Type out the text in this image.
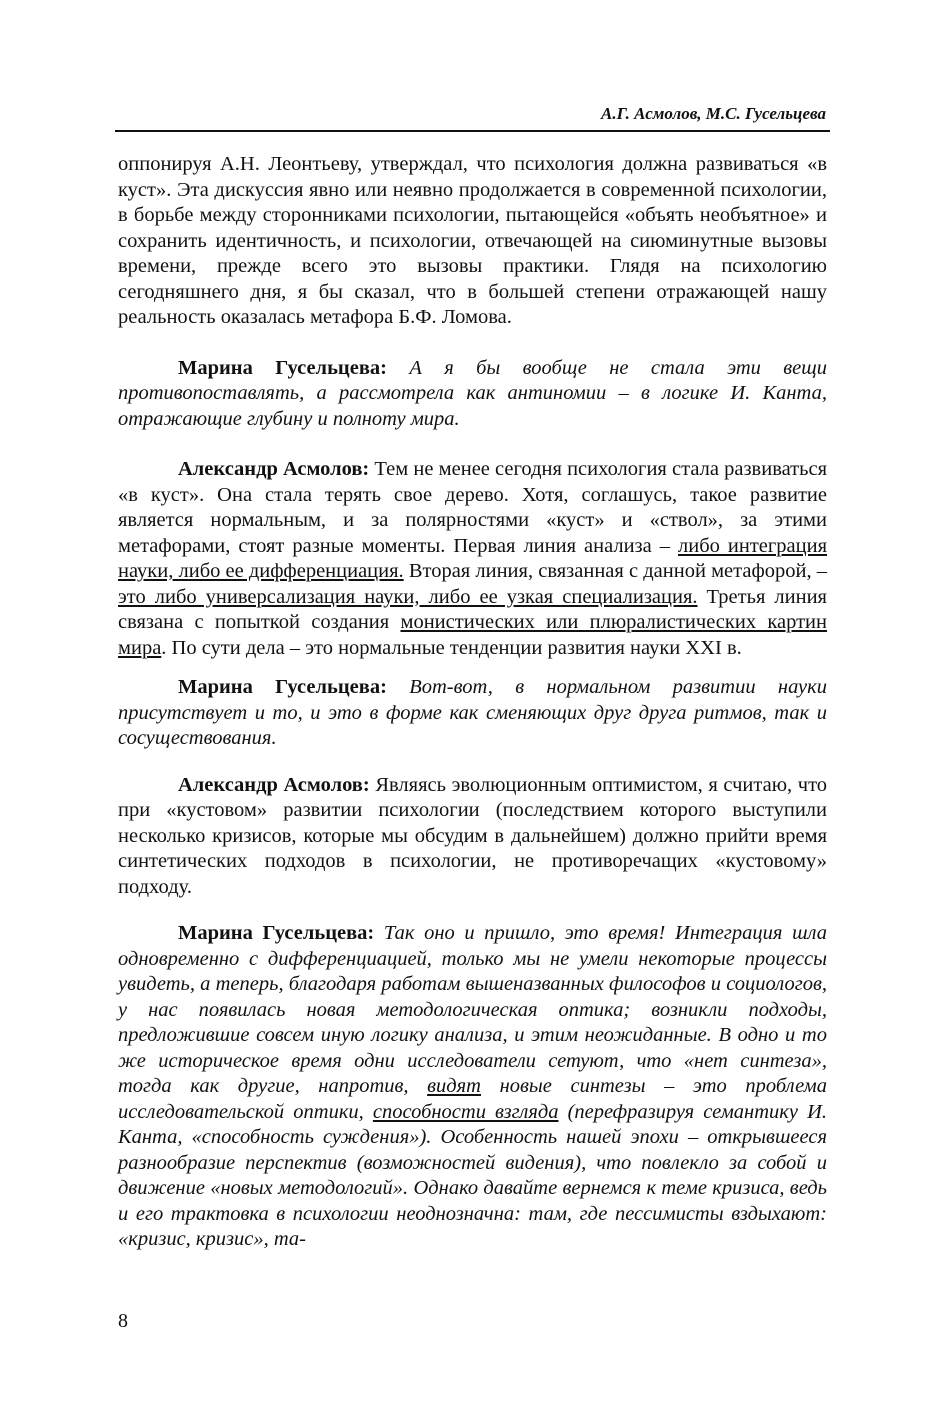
А.Г. Асмолов, М.С. Гусельцева

оппонируя А.Н. Леонтьеву, утверждал, что психология должна развиваться «в куст». Эта дискуссия явно или неявно продолжается в современной психологии, в борьбе между сторонниками психологии, пытающейся «объять необъятное» и сохранить идентичность, и психологии, отвечающей на сиюминутные вызовы времени, прежде всего это вызовы практики. Глядя на психологию сегодняшнего дня, я бы сказал, что в большей степени отражающей нашу реальность оказалась метафора Б.Ф. Ломова.

Марина Гусельцева: А я бы вообще не стала эти вещи противопоставлять, а рассмотрела как антиномии – в логике И. Канта, отражающие глубину и полноту мира.

Александр Асмолов: Тем не менее сегодня психология стала развиваться «в куст». Она стала терять свое дерево. Хотя, соглашусь, такое развитие является нормальным, и за полярностями «куст» и «ствол», за этими метафорами, стоят разные моменты. Первая линия анализа – либо интеграция науки, либо ее дифференциация. Вторая линия, связанная с данной метафорой, – это либо универсализация науки, либо ее узкая специализация. Третья линия связана с попыткой создания монистических или плюралистических картин мира. По сути дела – это нормальные тенденции развития науки XXI в.

Марина Гусельцева: Вот-вот, в нормальном развитии науки присутствует и то, и это в форме как сменяющих друг друга ритмов, так и сосуществования.

Александр Асмолов: Являясь эволюционным оптимистом, я считаю, что при «кустовом» развитии психологии (последствием которого выступили несколько кризисов, которые мы обсудим в дальнейшем) должно прийти время синтетических подходов в психологии, не противоречащих «кустовому» подходу.

Марина Гусельцева: Так оно и пришло, это время! Интеграция шла одновременно с дифференциацией, только мы не умели некоторые процессы увидеть, а теперь, благодаря работам вышеназванных философов и социологов, у нас появилась новая методологическая оптика; возникли подходы, предложившие совсем иную логику анализа, и этим неожиданные. В одно и то же историческое время одни исследователи сетуют, что «нет синтеза», тогда как другие, напротив, видят новые синтезы – это проблема исследовательской оптики, способности взгляда (перефразируя семантику И. Канта, «способность суждения»). Особенность нашей эпохи – открывшееся разнообразие перспектив (возможностей видения), что повлекло за собой и движение «новых методологий». Однако давайте вернемся к теме кризиса, ведь и его трактовка в психологии неоднозначна: там, где пессимисты вздыхают: «кризис, кризис», та-

8
